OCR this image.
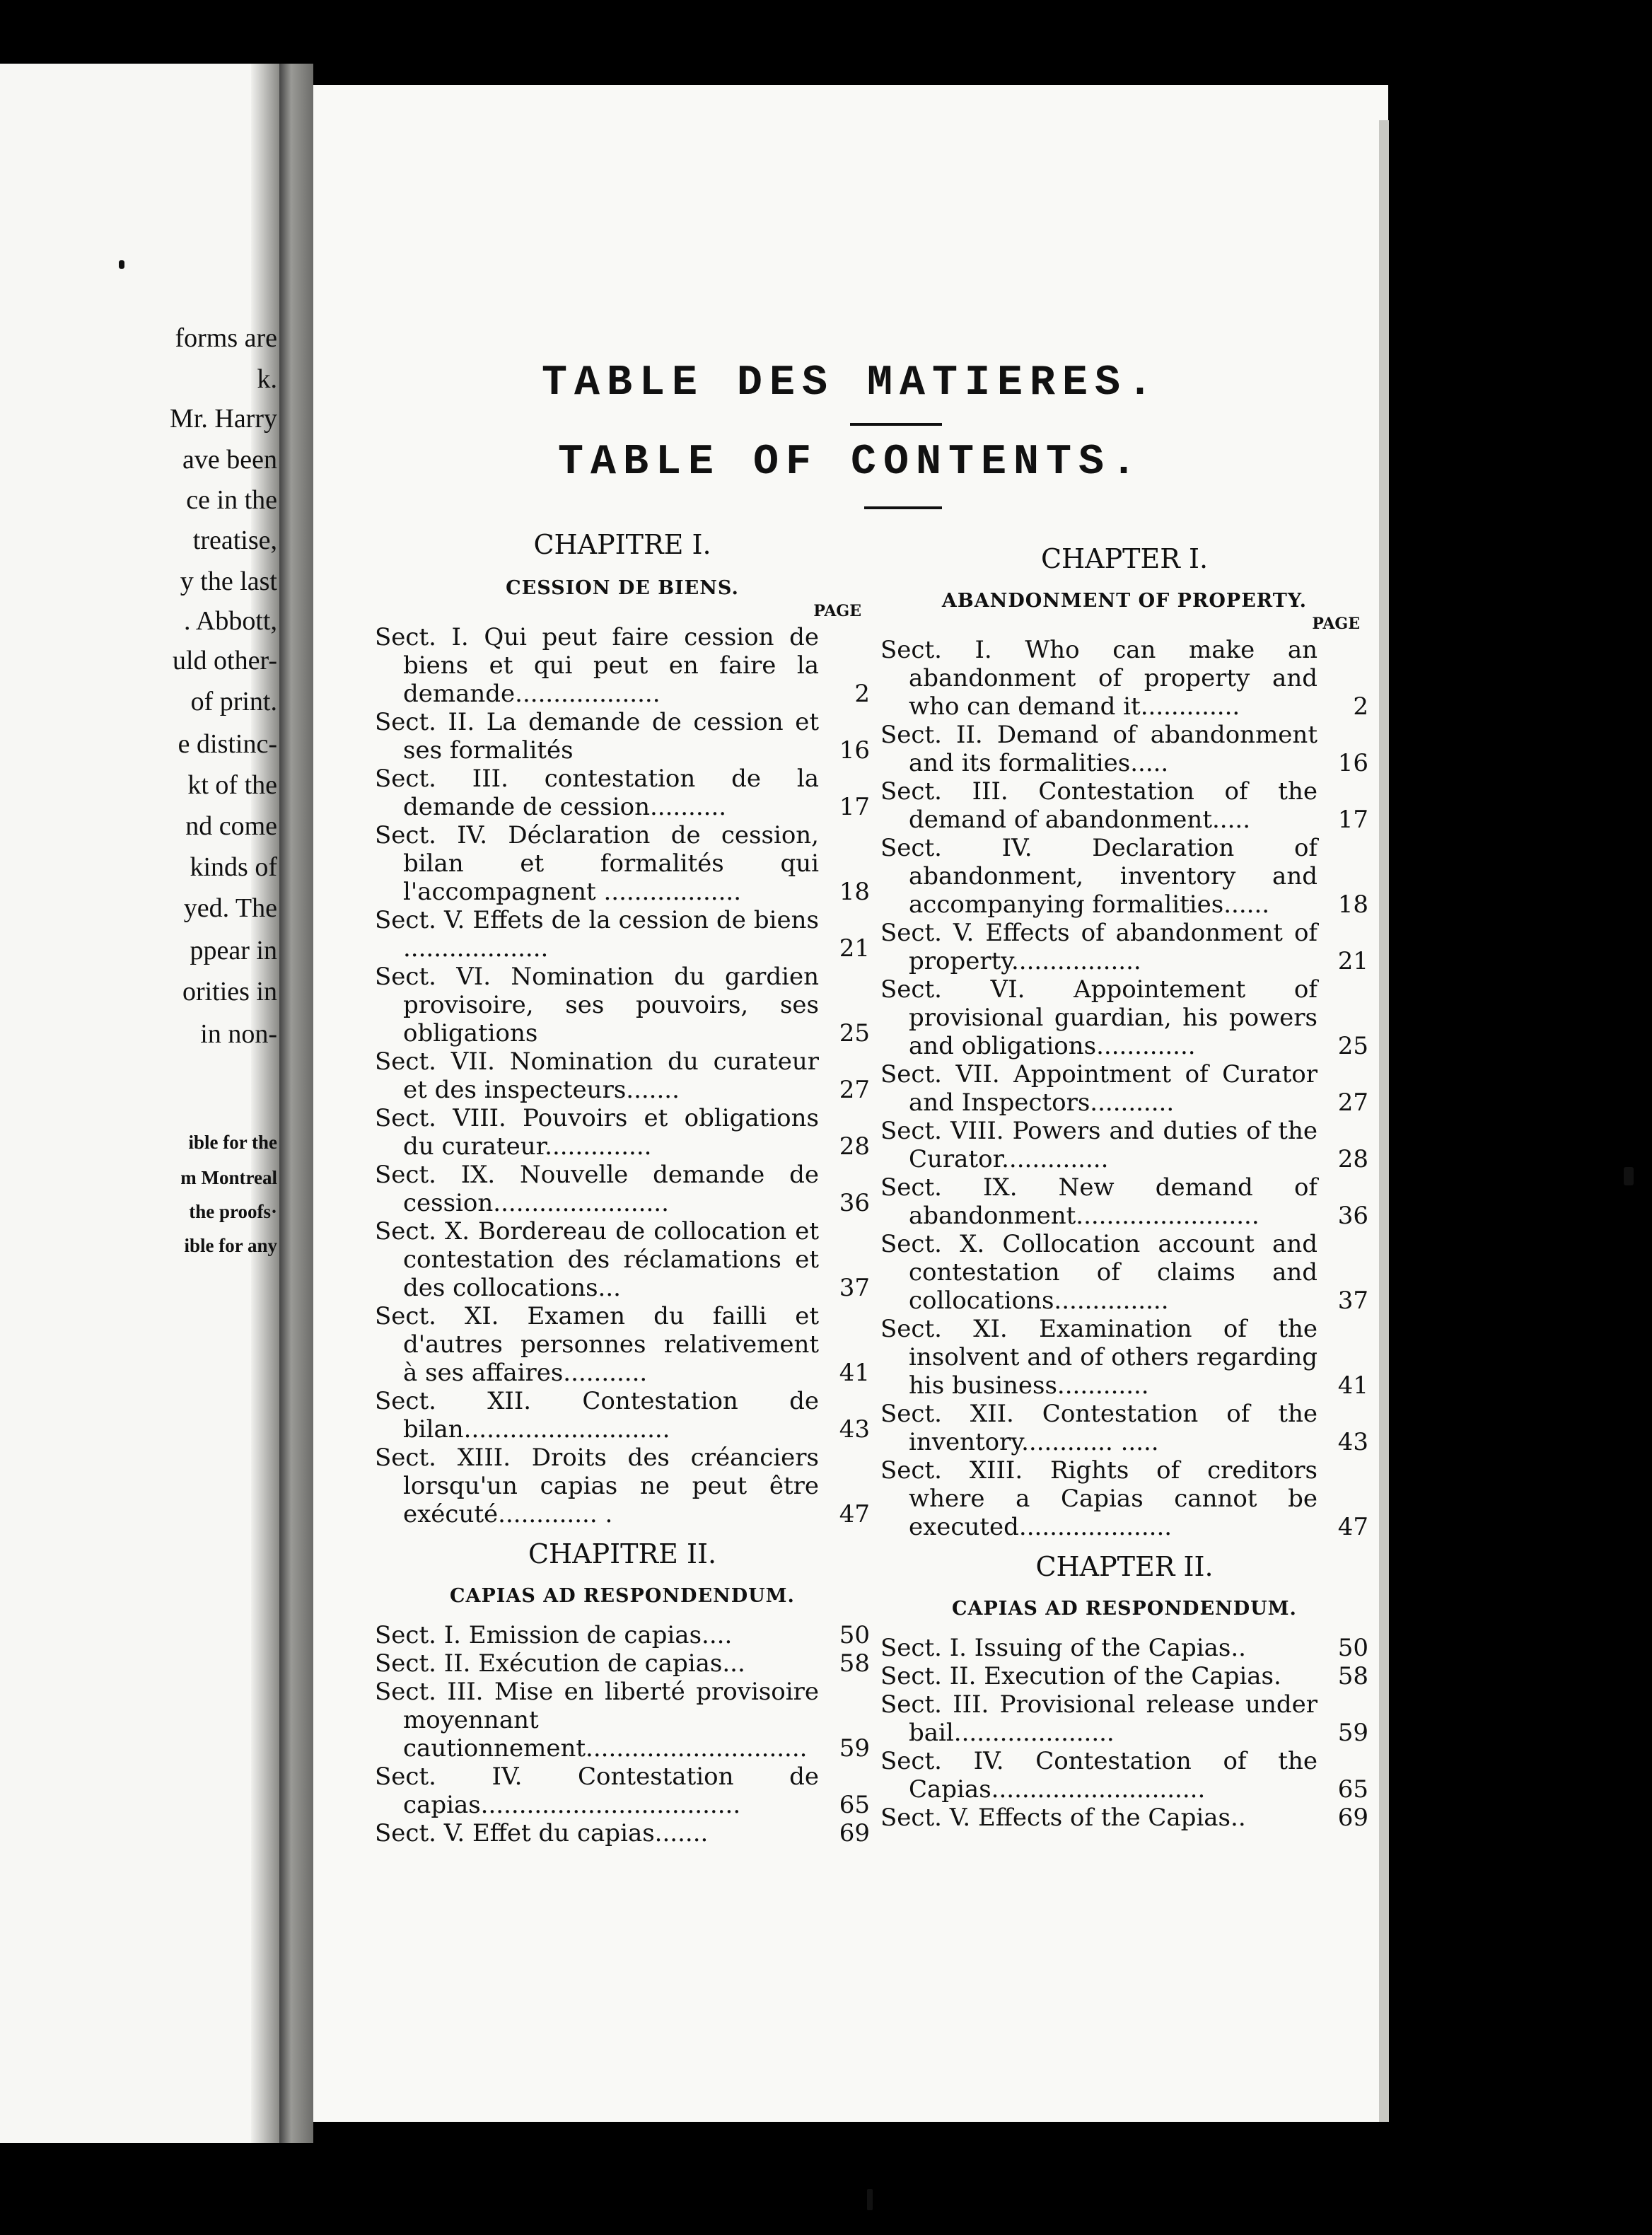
forms are
k.
Mr. Harry
ave been
ce in the
treatise,
y the last
. Abbott,
uld other-
of print.
e distinc-
kt of the
nd come
kinds of
yed. The
ppear in
orities in
in non-
ible for the
m Montreal
the proofs·
ible for any
TABLE DES MATIERES.
TABLE OF CONTENTS.
CHAPITRE I.
CESSION DE BIENS.
PAGE
Sect. I. Qui peut faire cession de biens et qui peut en faire la demande...................	2
Sect. II. La demande de cession et ses formalités	16
Sect. III. contestation de la demande de cession..........	17
Sect. IV. Déclaration de cession, bilan et formalités qui l'accompagnent ..................	18
Sect. V. Effets de la cession de biens ...................	21
Sect. VI. Nomination du gardien provisoire, ses pouvoirs, ses obligations	25
Sect. VII. Nomination du curateur et des inspecteurs.......	27
Sect. VIII. Pouvoirs et obligations du curateur..............	28
Sect. IX. Nouvelle demande de cession.......................	36
Sect. X. Bordereau de collocation et contestation des réclamations et des collocations...	37
Sect. XI. Examen du failli et d'autres personnes relativement à ses affaires...........	41
Sect. XII. Contestation de bilan...........................	43
Sect. XIII. Droits des créanciers lorsqu'un capias ne peut être exécuté............. .	47
CHAPITRE II.
CAPIAS AD RESPONDENDUM.
Sect. I. Emission de capias....	50
Sect. II. Exécution de capias...	58
Sect. III. Mise en liberté provisoire moyennant cautionnement.............................	59
Sect. IV. Contestation de capias..................................	65
Sect. V. Effet du capias.......	69
CHAPTER I.
ABANDONMENT OF PROPERTY.
PAGE
Sect. I. Who can make an abandonment of property and who can demand it.............	2
Sect. II. Demand of abandonment and its formalities.....	16
Sect. III. Contestation of the demand of abandonment.....	17
Sect. IV. Declaration of abandonment, inventory and accompanying formalities......	18
Sect. V. Effects of abandonment of property.................	21
Sect. VI. Appointement of provisional guardian, his powers and obligations.............	25
Sect. VII. Appointment of Curator and Inspectors...........	27
Sect. VIII. Powers and duties of the Curator..............	28
Sect. IX. New demand of abandonment........................	36
Sect. X. Collocation account and contestation of claims and collocations...............	37
Sect. XI. Examination of the insolvent and of others regarding his business............	41
Sect. XII. Contestation of the inventory............ .....	43
Sect. XIII. Rights of creditors where a Capias cannot be executed....................	47
CHAPTER II.
CAPIAS AD RESPONDENDUM.
Sect. I. Issuing of the Capias..	50
Sect. II. Execution of the Capias.	58
Sect. III. Provisional release under bail.....................	59
Sect. IV. Contestation of the Capias............................	65
Sect. V. Effects of the Capias..	69
